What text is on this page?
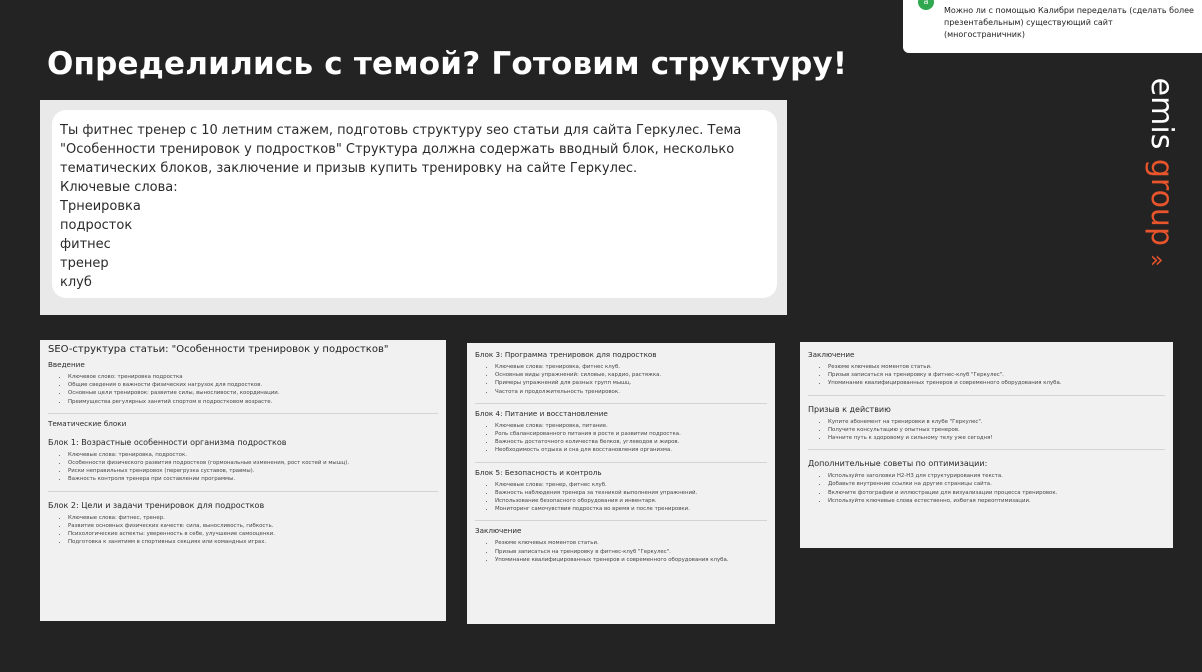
Определились с темой? Готовим структуру!
emis group
»
а
Можно ли с помощью Калибри переделать (сделать более презентабельным) существующий сайт (многостраничник)
Ты фитнес тренер с 10 летним стажем, подготовь структуру seo статьи для сайта Геркулес. Тема
"Особенности тренировок у подростков" Структура должна содержать вводный блок, несколько
тематических блоков, заключение и призыв купить тренировку на сайте Геркулес.
Ключевые слова:
Трнеировка
подросток
фитнес
тренер
клуб
SEO-структура статьи: "Особенности тренировок у подростков"
Введение
• Ключевое слово: тренировка подростка
• Общие сведения о важности физических нагрузок для подростков.
• Основные цели тренировок: развитие силы, выносливости, координации.
• Преимущества регулярных занятий спортом в подростковом возрасте.
Тематические блоки
Блок 1: Возрастные особенности организма подростков
• Ключевые слова: тренировка, подросток.
• Особенности физического развития подростков (гормональные изменения, рост костей и мышц).
• Риски неправильных тренировок (перегрузка суставов, травмы).
• Важность контроля тренера при составлении программы.
Блок 2: Цели и задачи тренировок для подростков
• Ключевые слова: фитнес, тренер.
• Развитие основных физических качеств: сила, выносливость, гибкость.
• Психологические аспекты: уверенность в себе, улучшение самооценки.
• Подготовка к занятиям в спортивных секциях или командных играх.
Блок 3: Программа тренировок для подростков
• Ключевые слова: тренировка, фитнес клуб.
• Основные виды упражнений: силовые, кардио, растяжка.
• Примеры упражнений для разных групп мышц.
• Частота и продолжительность тренировок.
Блок 4: Питание и восстановление
• Ключевые слова: тренировка, питание.
• Роль сбалансированного питания в росте и развитии подростка.
• Важность достаточного количества белков, углеводов и жиров.
• Необходимость отдыха и сна для восстановления организма.
Блок 5: Безопасность и контроль
• Ключевые слова: тренер, фитнес клуб.
• Важность наблюдения тренера за техникой выполнения упражнений.
• Использование безопасного оборудования и инвентаря.
• Мониторинг самочувствия подростка во время и после тренировки.
Заключение
• Резюме ключевых моментов статьи.
• Призыв записаться на тренировку в фитнес-клуб "Геркулес".
• Упоминание квалифицированных тренеров и современного оборудования клуба.
Заключение
• Резюме ключевых моментов статьи.
• Призыв записаться на тренировку в фитнес-клуб "Геркулес".
• Упоминание квалифицированных тренеров и современного оборудования клуба.
Призыв к действию
• Купите абонемент на тренировки в клубе "Геркулес".
• Получите консультацию у опытных тренеров.
• Начните путь к здоровому и сильному телу уже сегодня!
Дополнительные советы по оптимизации:
• Используйте заголовки H2-H3 для структурирования текста.
• Добавьте внутренние ссылки на другие страницы сайта.
• Включите фотографии и иллюстрации для визуализации процесса тренировок.
• Используйте ключевые слова естественно, избегая переоптимизации.
